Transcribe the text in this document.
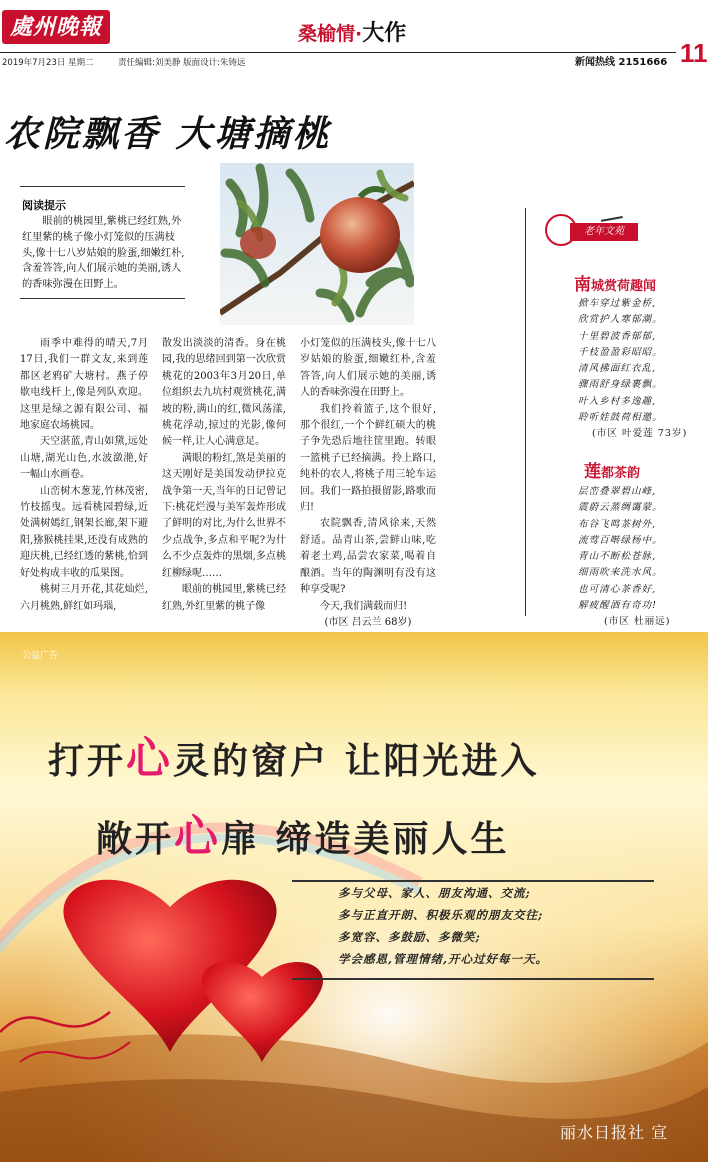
處州晚報	桑榆情·大作
11
2019年7月23日 星期二	责任编辑:刘美静 版面设计:朱铸远	新闻热线 2151666
农院飘香 大塘摘桃
阅读提示
眼前的桃园里,紫桃已经红熟,外红里紫的桃子像小灯笼似的压满枝头,像十七八岁姑娘的脸蛋,细嫩红朴,含羞答答,向人们展示她的美丽,诱人的香味弥漫在田野上。

雨季中难得的晴天,7月17日,我们一群文友,来到莲都区老鸦矿大塘村。燕子停歇电线杆上,像是列队欢迎。这里是绿之源有限公司、福地家庭农场桃园。

天空湛蓝,青山如黛,远处山塘,湖光山色,水波潋滟,好一幅山水画卷。

山峦树木葱茏,竹林茂密,竹枝摇曳。远看桃园碧绿,近处满树嫣红,钢架长廊,架下避阳,猕猴桃挂果,还没有成熟的迎庆桃,已经红透的紫桃,恰到好处构成丰收的瓜果图。

桃树三月开花,其花灿烂,六月桃熟,鲜红如玛瑙,

散发出淡淡的清香。身在桃园,我的思绪回到第一次欣赏桃花的2003年3月20日,单位组织去九坑村观赏桃花,满坡的粉,满山的红,微风荡漾,桃花浮动,掠过的光影,像何候一样,让人心满意足。

满眼的粉红,煞是美丽的这天刚好是美国发动伊拉克战争第一天,当年的日记曾记下:桃花烂漫与美军轰炸形成了鲜明的对比,为什么世界不少点战争,多点和平呢?为什么不少点轰炸的黑烟,多点桃红柳绿呢……

眼前的桃园里,紫桃已经红熟,外红里紫的桃子像

小灯笼似的压满枝头,像十七八岁姑娘的脸蛋,细嫩红朴,含羞答答,向人们展示她的美丽,诱人的香味弥漫在田野上。

我们拎着篮子,这个很好,那个很红,一个个鲜红硕大的桃子争先恐后地往筐里跑。转眼一篮桃子已经摘满。拎上路口,纯朴的农人,将桃子用三轮车运回。我们一路拍摄留影,路歌而归!

农院飘香,清风徐来,天然舒适。品青山茶,尝鲜山味,吃着老土鸡,品尝农家菜,喝着自酿酒。当年的陶渊明有没有这种享受呢?

今天,我们满载而归!

(市区 吕云兰 68岁)

老年文苑
南城赏荷趣闻
掀车穿过紫金桥,
欣赏护人寒郁潮。
十里碧波香郁郁,
千枝盈盈彩昭昭。
清风拂面红衣乱,
骤雨舒身绿裹飘。
叶入乡村多逸趣,
聆听娃鼓荷相邀。
(市区 叶爱莲 73岁)
莲都茶韵
层峦叠翠碧山峰,
震蔚云蒸绸霭蒙。
布谷飞鸣茶树外,
流莺百啭绿杨中。
青山不断松苍脉,
细雨吹来洗水风。
也可清心茶香好,
解疲醒酒有奇功!
(市区 杜丽远)
公益广告
打开心灵的窗户 让阳光进入
敞开心扉 缔造美丽人生
多与父母、家人、朋友沟通、交流;
多与正直开朗、积极乐观的朋友交往;
多宽容、多鼓励、多微笑;
学会感恩,管理情绪,开心过好每一天。
丽水日报社 宣
